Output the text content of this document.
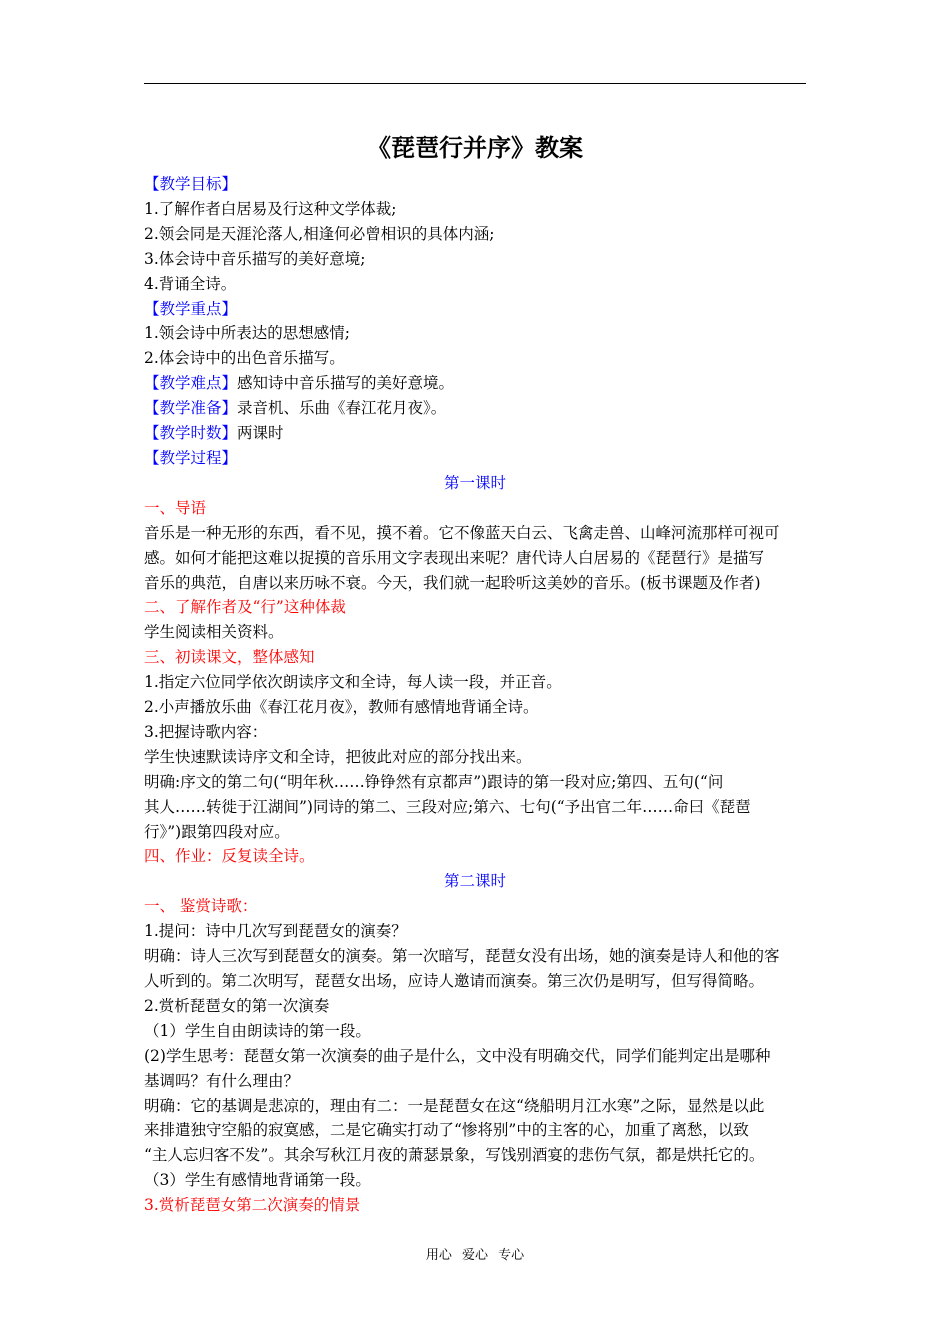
《琵琶行并序》教案

【教学目标】

1.了解作者白居易及行这种文学体裁;

2.领会同是天涯沦落人,相逢何必曾相识的具体内涵;

3.体会诗中音乐描写的美好意境;

4.背诵全诗。

【教学重点】

1.领会诗中所表达的思想感情;

2.体会诗中的出色音乐描写。

【教学难点】感知诗中音乐描写的美好意境。

【教学准备】录音机、乐曲《春江花月夜》。

【教学时数】两课时

【教学过程】

第一课时

一、导语

音乐是一种无形的东西，看不见，摸不着。它不像蓝天白云、飞禽走兽、山峰河流那样可视可

感。如何才能把这难以捉摸的音乐用文字表现出来呢？唐代诗人白居易的《琵琶行》是描写

音乐的典范，自唐以来历咏不衰。今天，我们就一起聆听这美妙的音乐。(板书课题及作者)

二、了解作者及“行”这种体裁

学生阅读相关资料。

三、初读课文，整体感知

1.指定六位同学依次朗读序文和全诗，每人读一段，并正音。

2.小声播放乐曲《春江花月夜》，教师有感情地背诵全诗。

3.把握诗歌内容：

学生快速默读诗序文和全诗，把彼此对应的部分找出来。

明确:序文的第二句(“明年秋……铮铮然有京都声”)跟诗的第一段对应;第四、五句(“问

其人……转徙于江湖间”)同诗的第二、三段对应;第六、七句(“予出官二年……命曰《琵琶

行》”)跟第四段对应。

四、作业：反复读全诗。

第二课时

一、 鉴赏诗歌：

1.提问：诗中几次写到琵琶女的演奏？

明确：诗人三次写到琵琶女的演奏。第一次暗写，琵琶女没有出场，她的演奏是诗人和他的客

人听到的。第二次明写，琵琶女出场，应诗人邀请而演奏。第三次仍是明写，但写得简略。

2.赏析琵琶女的第一次演奏

（1）学生自由朗读诗的第一段。

(2)学生思考：琵琶女第一次演奏的曲子是什么，文中没有明确交代，同学们能判定出是哪种

基调吗？有什么理由？

明确：它的基调是悲凉的，理由有二：一是琵琶女在这“绕船明月江水寒”之际，显然是以此

来排遣独守空船的寂寞感，二是它确实打动了“惨将别”中的主客的心，加重了离愁，以致

“主人忘归客不发”。其余写秋江月夜的萧瑟景象，写饯别酒宴的悲伤气氛，都是烘托它的。

（3）学生有感情地背诵第一段。

3.赏析琵琶女第二次演奏的情景

用心 爱心 专心
